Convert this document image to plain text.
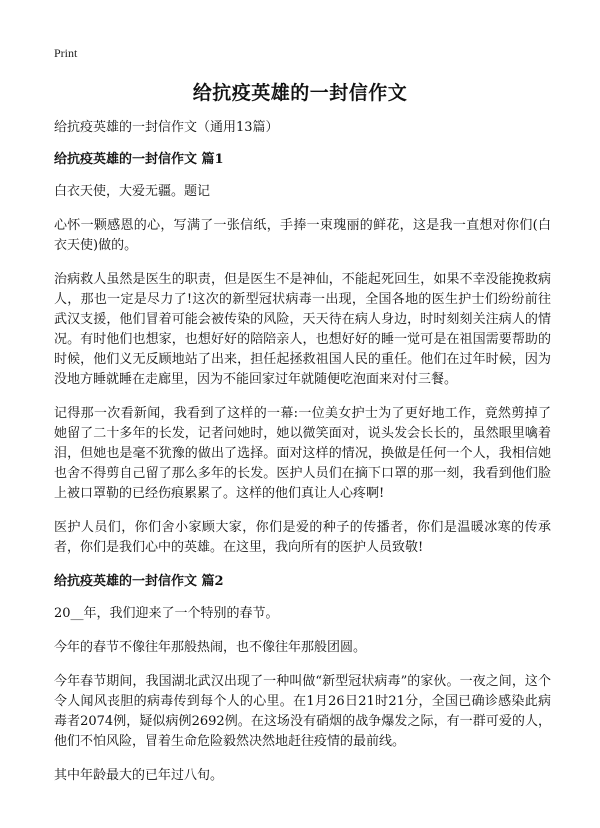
Print
给抗疫英雄的一封信作文

给抗疫英雄的一封信作文（通用13篇）

给抗疫英雄的一封信作文 篇1

白衣天使，大爱无疆。题记

心怀一颗感恩的心，写满了一张信纸，手捧一束瑰丽的鲜花，这是我一直想对你们(白衣天使)做的。

治病救人虽然是医生的职责，但是医生不是神仙，不能起死回生，如果不幸没能挽救病人，那也一定是尽力了!这次的新型冠状病毒一出现，全国各地的医生护士们纷纷前往武汉支援，他们冒着可能会被传染的风险，天天待在病人身边，时时刻刻关注病人的情况。有时他们也想家，也想好好的陪陪亲人，也想好好的睡一觉可是在祖国需要帮助的时候，他们义无反顾地站了出来，担任起拯救祖国人民的重任。他们在过年时候，因为没地方睡就睡在走廊里，因为不能回家过年就随便吃泡面来对付三餐。

记得那一次看新闻，我看到了这样的一幕:一位美女护士为了更好地工作，竟然剪掉了她留了二十多年的长发，记者问她时，她以微笑面对，说头发会长长的，虽然眼里噙着泪，但她也是毫不犹豫的做出了选择。面对这样的情况，换做是任何一个人，我相信她也舍不得剪自己留了那么多年的长发。医护人员们在摘下口罩的那一刻，我看到他们脸上被口罩勒的已经伤痕累累了。这样的他们真让人心疼啊!

医护人员们，你们舍小家顾大家，你们是爱的种子的传播者，你们是温暖冰寒的传承者，你们是我们心中的英雄。在这里，我向所有的医护人员致敬!

给抗疫英雄的一封信作文 篇2

20__年，我们迎来了一个特别的春节。

今年的春节不像往年那般热闹，也不像往年那般团圆。

今年春节期间，我国湖北武汉出现了一种叫做“新型冠状病毒”的家伙。一夜之间，这个令人闻风丧胆的病毒传到每个人的心里。在1月26日21时21分，全国已确诊感染此病毒者2074例，疑似病例2692例。在这场没有硝烟的战争爆发之际，有一群可爱的人，他们不怕风险，冒着生命危险毅然决然地赶往疫情的最前线。

其中年龄最大的已年过八旬。
